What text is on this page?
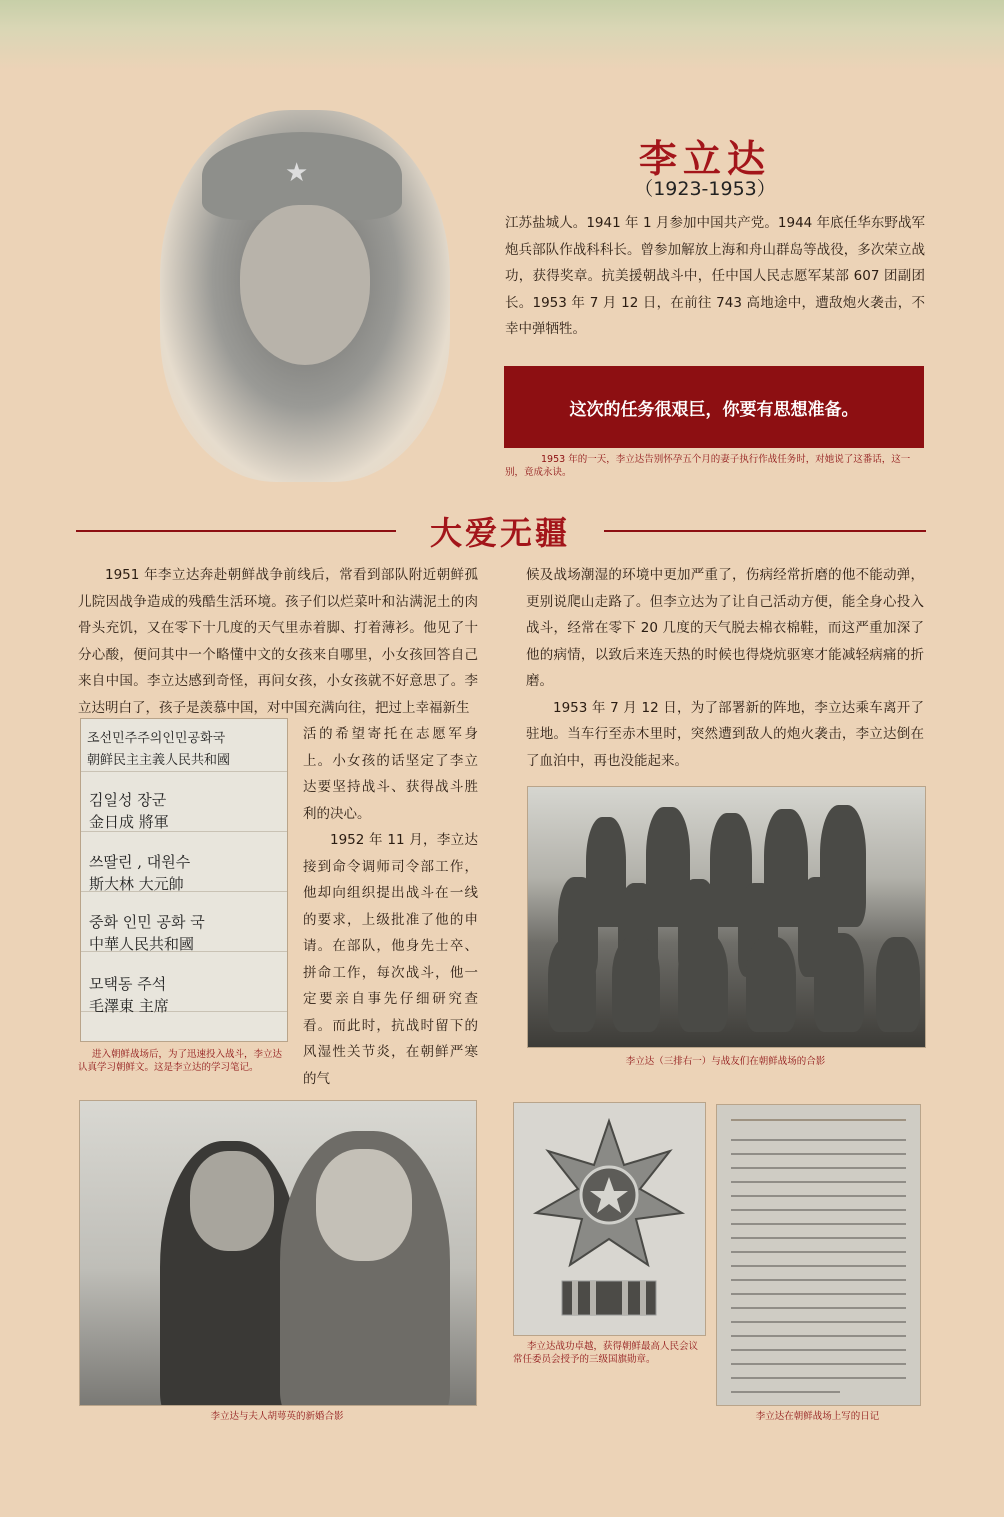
★	李立达
（1923-1953）
江苏盐城人。1941 年 1 月参加中国共产党。1944 年底任华东野战军炮兵部队作战科科长。曾参加解放上海和舟山群岛等战役，多次荣立战功，获得奖章。抗美援朝战斗中，任中国人民志愿军某部 607 团副团长。1953 年 7 月 12 日，在前往 743 高地途中，遭敌炮火袭击，不幸中弹牺牲。
这次的任务很艰巨，你要有思想准备。
1953 年的一天，李立达告别怀孕五个月的妻子执行作战任务时，对她说了这番话，这一别，竟成永诀。
大爱无疆

1951 年李立达奔赴朝鲜战争前线后，常看到部队附近朝鲜孤儿院因战争造成的残酷生活环境。孩子们以烂菜叶和沾满泥土的肉骨头充饥，又在零下十几度的天气里赤着脚、打着薄衫。他见了十分心酸，便问其中一个略懂中文的女孩来自哪里，小女孩回答自己来自中国。李立达感到奇怪，再问女孩，小女孩就不好意思了。李立达明白了，孩子是羡慕中国，对中国充满向往，把过上幸福新生

活的希望寄托在志愿军身上。小女孩的话坚定了李立达要坚持战斗、获得战斗胜利的决心。

1952 年 11 月，李立达接到命令调师司令部工作，他却向组织提出战斗在一线的要求，上级批准了他的申请。在部队，他身先士卒、拼命工作，每次战斗，他一定要亲自事先仔细研究查看。而此时，抗战时留下的风湿性关节炎，在朝鲜严寒的气

候及战场潮湿的环境中更加严重了，伤病经常折磨的他不能动弹，更别说爬山走路了。但李立达为了让自己活动方便，能全身心投入战斗，经常在零下 20 几度的天气脱去棉衣棉鞋，而这严重加深了他的病情，以致后来连天热的时候也得烧炕驱寒才能减轻病痛的折磨。

1953 年 7 月 12 日，为了部署新的阵地，李立达乘车离开了驻地。当车行至赤木里时，突然遭到敌人的炮火袭击，李立达倒在了血泊中，再也没能起来。

조선민주주의인민공화국
朝鲜民主主義人民共和國
김일성 장군
金日成 將軍
쓰딸린 , 대원수
斯大林 大元帥
중화 인민 공화 국
中華人民共和國
모택동 주석
毛澤東 主席
进入朝鲜战场后，为了迅速投入战斗，李立达认真学习朝鲜文。这是李立达的学习笔记。
李立达（三排右一）与战友们在朝鲜战场的合影
李立达与夫人胡萼英的新婚合影
李立达战功卓越，获得朝鲜最高人民会议常任委员会授予的三级国旗勋章。
李立达在朝鲜战场上写的日记
